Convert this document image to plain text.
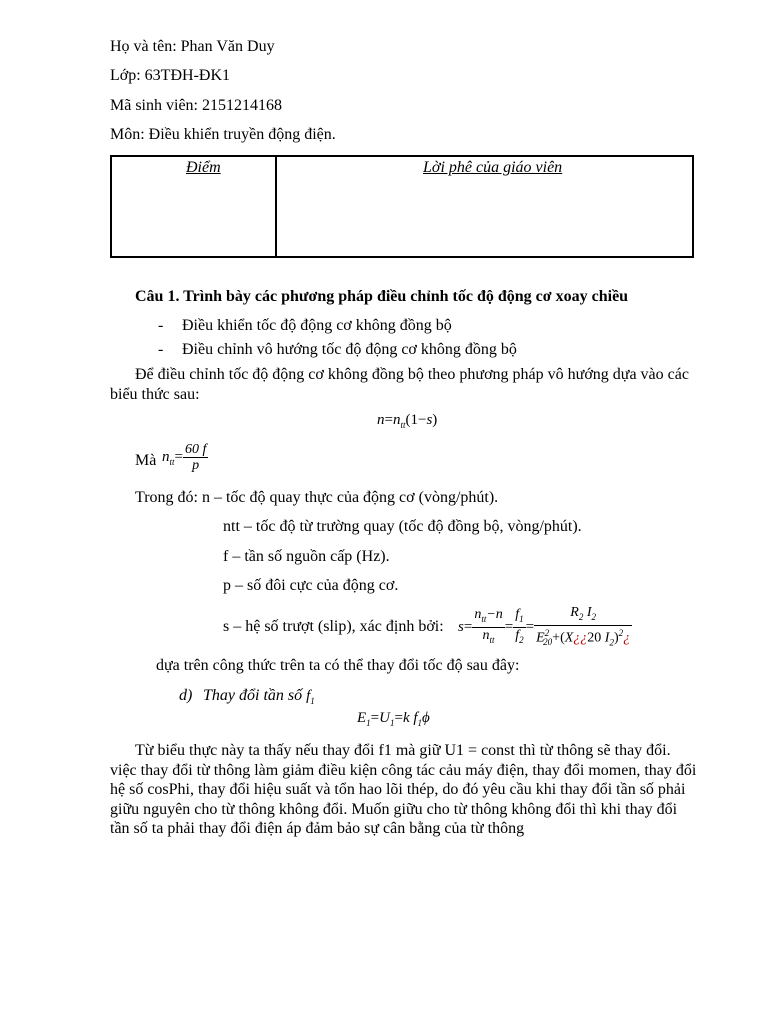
Họ và tên: Phan Văn Duy
Lớp: 63TĐH-ĐK1
Mã sinh viên: 2151214168
Môn: Điều khiển truyền động điện.
Điểm	Lời phê của giáo viên
Câu 1. Trình bày các phương pháp điều chỉnh tốc độ động cơ xoay chiều
- Điều khiển tốc độ động cơ không đồng bộ
- Điều chỉnh vô hướng tốc độ động cơ không đồng bộ
Để điều chỉnh tốc độ động cơ không đồng bộ theo phương pháp vô hướng dựa vào các biểu thức sau:
$n=n_{tt}(1-s)$
Mà $n_{tt}= \frac{60 f}{p}$
Trong đó: n – tốc độ quay thực của động cơ (vòng/phút).
ntt – tốc độ từ trường quay (tốc độ đồng bộ, vòng/phút).
f – tần số nguồn cấp (Hz).
p – số đôi cực của động cơ.
s – hệ số trượt (slip), xác định bởi: $s= \frac{n_{tt}-n}{n_{tt}} = \frac{f_1}{f_2} = \frac{R_2 I_2}{E^2_{20}+(X¿¿20 I_2)^2¿}$
dựa trên công thức trên ta có thể thay đổi tốc độ sau đây:
d) Thay đổi tần số $f_1$
$E_1=U_1=k$ $f_1\phi$
Từ biểu thực này ta thấy nếu thay đổi f1 mà giữ U1 = const thì từ thông sẽ thay đổi. việc thay đổi từ thông làm giảm điều kiện công tác cảu máy điện, thay đổi momen, thay đổi hệ số cosPhi, thay đổi hiệu suất và tổn hao lõi thép, do đó yêu cầu khi thay đổi tần số phải giữu nguyên cho từ thông không đổi. Muốn giữu cho từ thông không đổi thì khi thay đổi tần số ta phải thay đổi điện áp đảm bảo sự cân bằng của từ thông
